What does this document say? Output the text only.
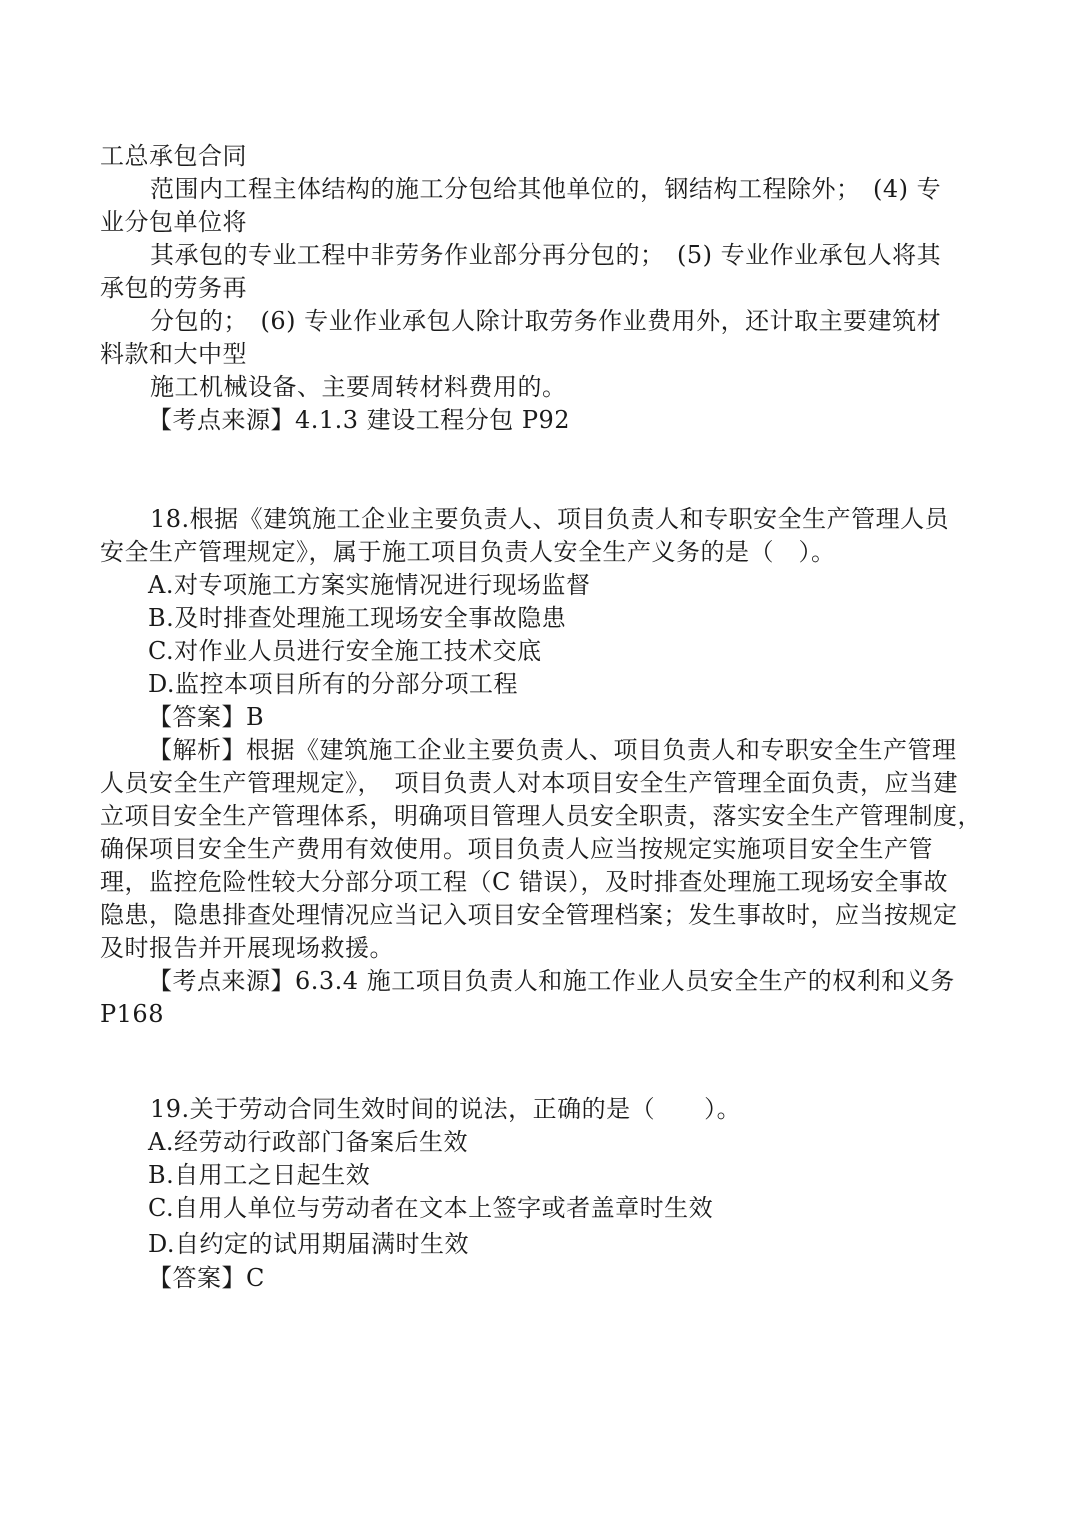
工总承包合同
范围内工程主体结构的施工分包给其他单位的，钢结构工程除外；　(4) 专
业分包单位将
其承包的专业工程中非劳务作业部分再分包的；　(5) 专业作业承包人将其
承包的劳务再
分包的；　(6) 专业作业承包人除计取劳务作业费用外，还计取主要建筑材
料款和大中型
施工机械设备、主要周转材料费用的。
【考点来源】4.1.3 建设工程分包 P92
18.根据《建筑施工企业主要负责人、项目负责人和专职安全生产管理人员
安全生产管理规定》，属于施工项目负责人安全生产义务的是（　）。
A.对专项施工方案实施情况进行现场监督
B.及时排查处理施工现场安全事故隐患
C.对作业人员进行安全施工技术交底
D.监控本项目所有的分部分项工程
【答案】B
【解析】根据《建筑施工企业主要负责人、项目负责人和专职安全生产管理
人员安全生产管理规定》，　项目负责人对本项目安全生产管理全面负责，应当建
立项目安全生产管理体系，明确项目管理人员安全职责，落实安全生产管理制度，
确保项目安全生产费用有效使用。项目负责人应当按规定实施项目安全生产管
理，监控危险性较大分部分项工程（C 错误），及时排查处理施工现场安全事故
隐患，隐患排查处理情况应当记入项目安全管理档案；发生事故时，应当按规定
及时报告并开展现场救援。
【考点来源】6.3.4 施工项目负责人和施工作业人员安全生产的权利和义务
P168
19.关于劳动合同生效时间的说法，正确的是（　　）。
A.经劳动行政部门备案后生效
B.自用工之日起生效
C.自用人单位与劳动者在文本上签字或者盖章时生效
D.自约定的试用期届满时生效
【答案】C
